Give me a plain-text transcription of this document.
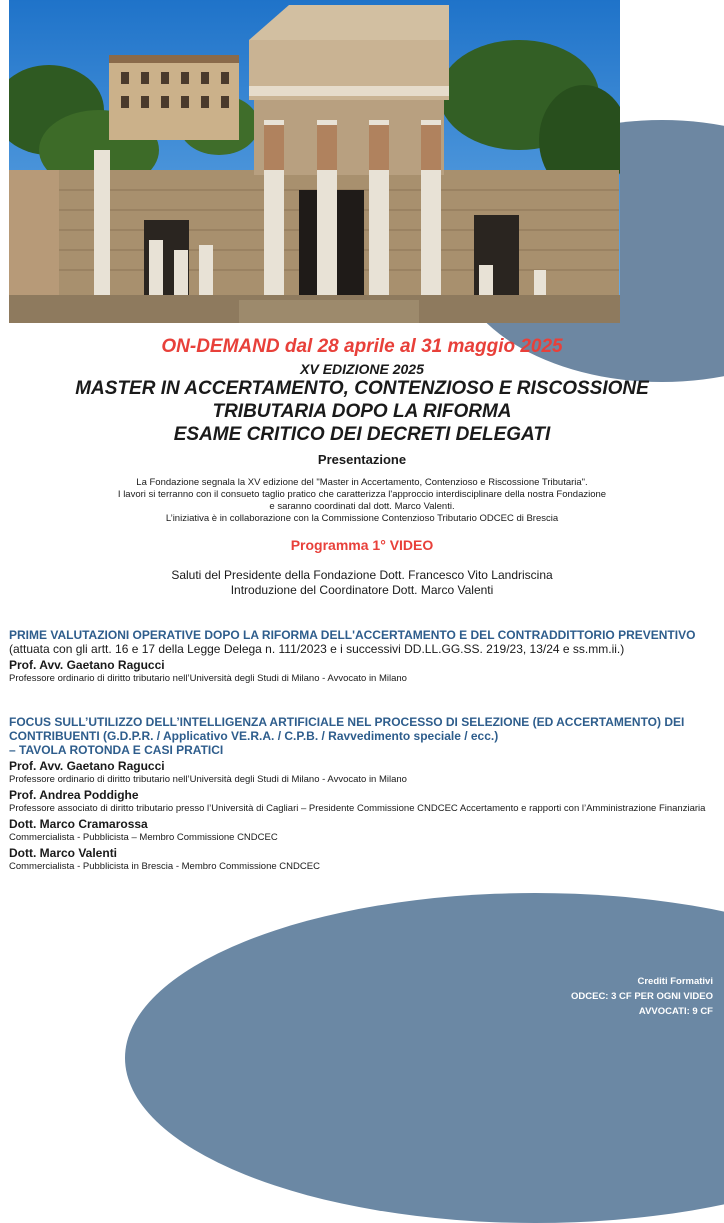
ON-DEMAND dal 28 aprile al 31 maggio 2025
XV EDIZIONE 2025
MASTER IN ACCERTAMENTO, CONTENZIOSO E RISCOSSIONE
TRIBUTARIA DOPO LA RIFORMA
ESAME CRITICO DEI DECRETI DELEGATI
Presentazione
La Fondazione segnala la XV edizione del "Master in Accertamento, Contenzioso e Riscossione Tributaria".
I lavori si terranno con il consueto taglio pratico che caratterizza l'approccio interdisciplinare della nostra Fondazione
e saranno coordinati dal dott. Marco Valenti.
L’iniziativa è in collaborazione con la Commissione Contenzioso Tributario ODCEC di Brescia
Programma 1° VIDEO
Saluti del Presidente della Fondazione Dott. Francesco Vito Landriscina
Introduzione del Coordinatore Dott. Marco Valenti
PRIME VALUTAZIONI OPERATIVE DOPO LA RIFORMA DELL'ACCERTAMENTO E DEL CONTRADDITTORIO PREVENTIVO
(attuata con gli artt. 16 e 17 della Legge Delega n. 111/2023 e i successivi DD.LL.GG.SS. 219/23, 13/24 e ss.mm.ii.)
Prof. Avv. Gaetano Ragucci
Professore ordinario di diritto tributario nell’Università degli Studi di Milano - Avvocato in Milano
FOCUS SULL’UTILIZZO DELL’INTELLIGENZA ARTIFICIALE NEL PROCESSO DI SELEZIONE (ED ACCERTAMENTO) DEI
CONTRIBUENTI (G.D.P.R. / Applicativo VE.R.A. / C.P.B. / Ravvedimento speciale / ecc.)
– TAVOLA ROTONDA E CASI PRATICI
Prof. Avv. Gaetano Ragucci
Professore ordinario di diritto tributario nell’Università degli Studi di Milano - Avvocato in Milano
Prof. Andrea Poddighe
Professore associato di diritto tributario presso l’Università di Cagliari – Presidente Commissione CNDCEC Accertamento e rapporti con l’Amministrazione Finanziaria
Dott. Marco Cramarossa
Commercialista - Pubblicista – Membro Commissione CNDCEC
Dott. Marco Valenti
Commercialista - Pubblicista in Brescia - Membro Commissione CNDCEC
Crediti Formativi
ODCEC: 3 CF PER OGNI VIDEO
AVVOCATI: 9 CF
